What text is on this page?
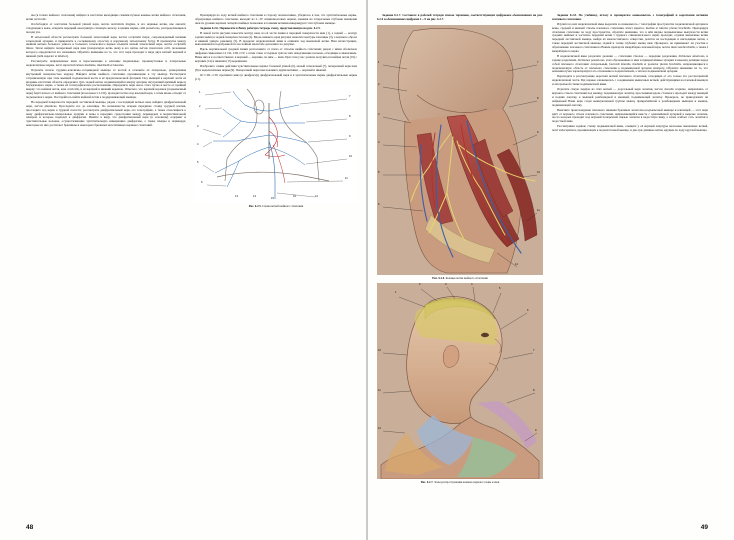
ны (в точках шейного сплетения) найдите и клетчатке выходящие самими пучком кожные ветви шейного сплетения, ветви cervicalis.

Особободите от клетчатки большой ушной нерв, nervus auricularis magnus, и его нервные ветви, une aurearis; следующие к коже, отведите передний околоушную слюнную железу, и цепкие нервы, rami posteriores, распределяющиеся позади уха.

В затылочной области рассмотрите большой затылочный нерв, nervus occipitalis major, сопровождаемый ветвями затылочной артерии, и прикрепите к сосцевидному отростку и наружному затылочному бугру. В промежутке между шейной ветвью большого ушного и большого затылочного нервов отыщите малый затылочный нерв, nervus occipitalis minor. Затем найдите поперечный нерв шеи (поперечную ветвь шеи) и его ветви, nervus transversus colli, положение которого определяется его названием. Обратите внимание на то, что этот нерв проходит в виде двух ветвей: верхней и нижней (rami superior et inferior).

Рассмотрите направленные вниз и пересекающие к ключице медиальные, промежуточные и латеральные надключичные нервы, nervi supraclaviculares mediales, intermedii et laterales.

Отделите начало грудино-ключично-сосцевидной мышцы от костей и отложите её латерально, разворачивая внутренней поверхностью наружу. Найдите ветви шейного сплетения, проникающие в эту мышцу. Рассмотрите отграниченную при этом мышцей подъязычной кости и её предпозвоночной фасцией. Под мышцей в верхней части её впадины клетчатки области определите путь задней ветви, поднимающейся кверху артерии, внутренний ярёмный вены и блуждающего нерва, а также их топографическое расположение. Определите нерв около этого пучка и месте от крайней кверху: это шейная петля, ansa cervicalis, и её верхний и нижний корешок. Отметьте, что верхний корешок (подъязычный нерв) берёт начало от шейного сплетения (из волокон С1-СII), проходит петлю под язычной нерв, а затем вновь отходит от подъязычного нерва. Постарайтесь найти шейной петли к поддерживающей мышцы.

На передней поверхности передней лестничной мышцы, рядом с восходящей ветвью шеи, найдите диафрагмальный нерв, nervus phrenicus. Проследите его до ключицы. По возможности, вскрыв переднюю стенку грудной клетки, проследите ход нерва в грудной полости; рассмотрите диафрагмальный нерв, его топографию, а также относящиеся к нему диафрагмально-плевральные артерии и вены в передних средостении между перикардом и медиастинальной плеврой, и которые подходят к диафрагме. Имейте в виду, что диафрагмальный нерв (в основном) содержит и чувствительные волокна, осуществляющие чувствительную иннервацию диафрагмы, а также плевры и перикарда; некоторые из них достигают брюшины и некоторых брюшных вегетативных нервных сплетений.

Препарируя по ходу ветвей шейного сплетения в сторону позвоночника, убедитесь в том, что чувствительные нервы, образующие шейного сплетение, выходят из I—IV спинномозговых нервов, занимая их латеральные глубокие мышцами шеи по уровню верхних четырёх шейных позвонков и тонкими ветвями иннервируют эти глубокие мышцы.

Задание 6.2.6. Перенесите в Вашу рабочую тетрадь схему, представленную на рис. 6.2.5.

В левой части рисунка нанесите контур шеи, на её части линия в передней поверхности шеи (1), а задней — контур задних мышц в задней поверхности шеи (2). Вдоль нижнего края рисунка нанесите контуры ключицы (3), а верхнего образа и нижней ушную раковину (5). В пределах надключичной ямки и опишите ход мышечной ветви. Ваш иллюстрацию, выполненной в подобранной по послойной масштабе дополните по рисунке.

Вдоль вертикальной средней линии расположите от плеча от стволов шейного сплетения; рядом с ними обозначьте цифрами символами СI, СII, СIII, СIV, а затем слева от первых трёх из них замедляющие волокна, отходящие к мышечным. Ниже них и в соответственно: в верхней — верхние, по ним — вниз. При этом у вас должна получиться шейная петля (10) с верхним (14) и нижним (15) корешками.

Изобразите самим действия чувствительные нервы: большой ушной (6), малый затылочный (7), поперечный нерв шеи (8) и надключичные нервы (9). Поперечный нерв шеи покажите двумя ветвями — верхней и нижней.

От СIII—СIV, протяните вниз (в диафрагму) диафрагмальный нерв и в чувствительные нервы диафрагмальные нервы (11).

1
2
3
4
5
6
7
8
9
10
11
12
13	14
15
16
Рис. 6.2.5. Схема ветвей шейного сплетения
48

Задание 6.2.7. Составьте в рабочей тетради список терминов, соответствующих цифровым обозначениям на рис. 6.2.6 и обозначенных цифрами 1—9 на рис. 6.2.7.

1
2
3
4
5
6
7
8
9
10
11
12
Рис. 6.2.6. Кожные ветви шейного сплетения
1
2	3	4
5
6
7
8
9
10
11
12
Рис. 6.2.7. Зоны распространения кожных нервов головы и шеи

Задание 6.2.8. По учебнику, атласу и препаратам ознакомьтесь с топографией и короткими ветвями плечевого сплетения.

Изучите на них надключичной ямке выделите и ознакомьтесь с топографии пространства подключичной артерии и вены, средней и нижней стволы плечевого сплетения, truncі superior, medius et inferior plexus brachialis. Препарируя сплетение сплетение по ходу пространства, обратите внимание, что в нём видны подмышечные выпуклости ветви средних шейных и частично передней ветви I грудного спинномозгового нерва проходят, отдавая мышечные ветви передней лестничной мышце, выйдя из межлестничного отверстия, делятся на восходящие и нисходящие ветви, а также передней лестничной мышцы, задней и толще глубоких мышц шеи. Проверьте, не примыкают ли участки к образованию плечевого сплетения на Вашем препарате межрёберно-плечевой нерв, nervus intercostobrachialis, а также I межрёберного нерва.

В надключичной ямке разделите деления — сплетения стволов — передние разделения, divisiones anteriores, и задние разделения, divisiones posteriores, и их образованные к ним и прикреплённые артерии и наконец делящие перед собой плечевого сплетения: латеральный, fasciculi lateralis, medialis et posterior plexus brachialis, направляющиеся в подключичную область от плечевого сплетения к подмышечной артерии аппарату. Обратите внимание на то, что названия пучка характеризуют его отношение к подключичной, а затем к подмышечной артерии.

Переходите к рассмотрению коротких ветвей плечевого сплетения, отходящих от его только что рассмотренной надключичной части. Ряд заранее ознакомьтесь с соединением мышечных ветвей, действующими на плечевой мышцах и латеральной стенке подмышечной ямки.

Отделите самую первую из этих ветвей — дорсальный нерв лопатки, nervus dorsalis scapulae, направляясь от верхнего ствола сплетения под мышцу, поднимающую лопатку, прослеживая вдоль стального проходит между мышцей и подняв лопатку, к мышцей ромбовидной и мышцей, поднимающей лопатку. Проверьте, не принадлежит ли найденный Вами нерв сзади вышеуказанной группы мышц, прикреплённой к ромбовидным мышцам и мышце, поднимающей лопатку.

Выясните происхождение плечевого нижним брюшком лопаточно-подъязычной мышцы и ключицей — этот нерв идёт от верхнего ствола плечевого сплетения, направляющийся вместе с одноимённой артерией к вырезке лопатки, посла которых проходит над верхней поперечной связью лопатки в надостную ямку, а затем огибает ость лопатки в подостной ямке.

Рассматривая заднюю стенку подмышечной ямки, отыщите у её верхней апертуры несколько мышечных ветвей, nervi subscapulares, проникающих к подлопаточной мышце, и две-три длинные ветви, идущие по ходу круглой мышцы.

49
